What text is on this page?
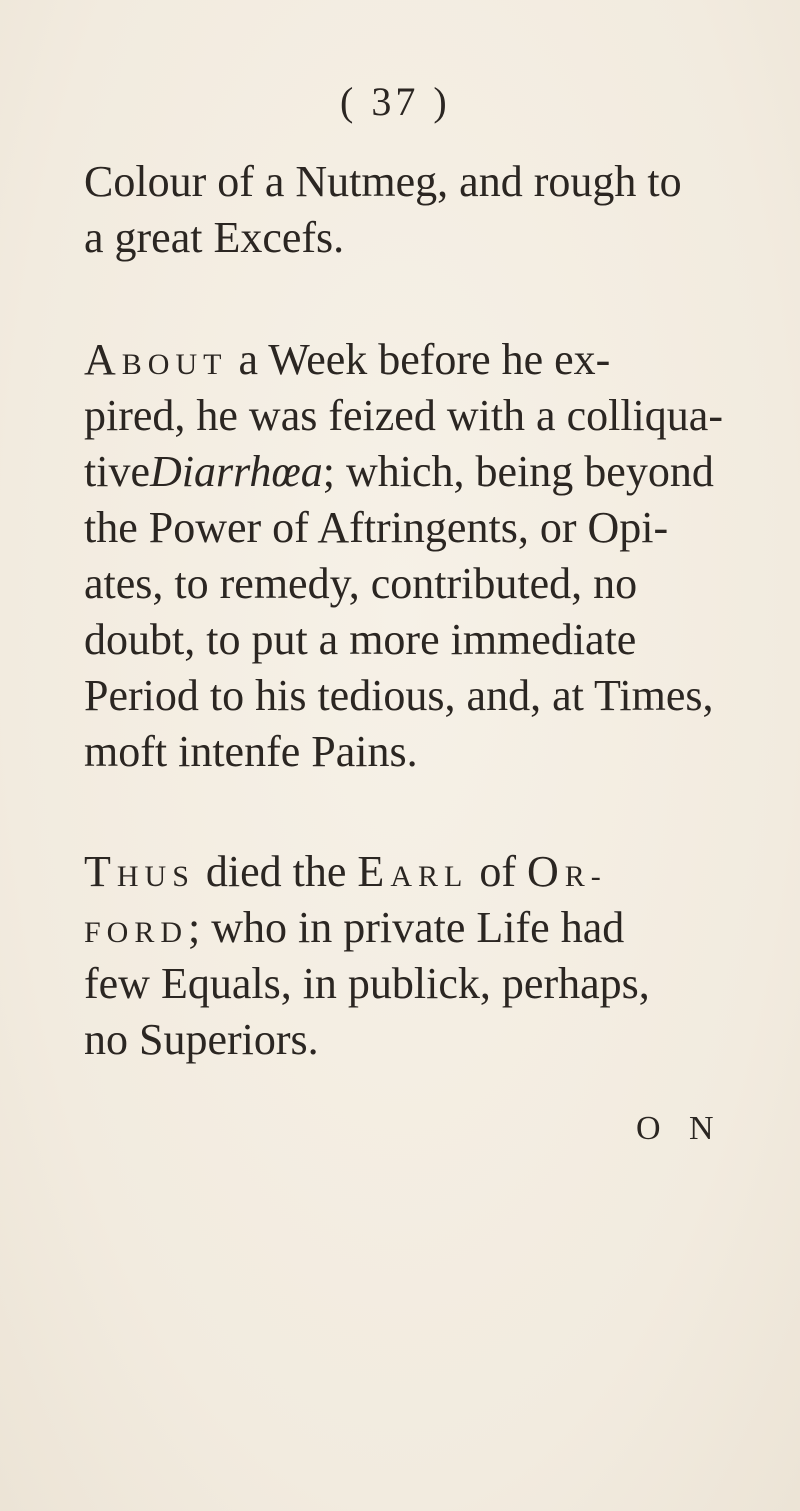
( 37 )
Colour of a Nutmeg, and rough to
a great Excefs.
ABOUT a Week before he ex-
pired, he was feized with a colliqua-
tiveDiarrhœa; which, being beyond
the Power of Aftringents, or Opi-
ates, to remedy, contributed, no
doubt, to put a more immediate
Period to his tedious, and, at Times,
moft intenfe Pains.
THUS died the EARL of OR-
FORD; who in private Life had
few Equals, in publick, perhaps,
no Superiors.
O N
